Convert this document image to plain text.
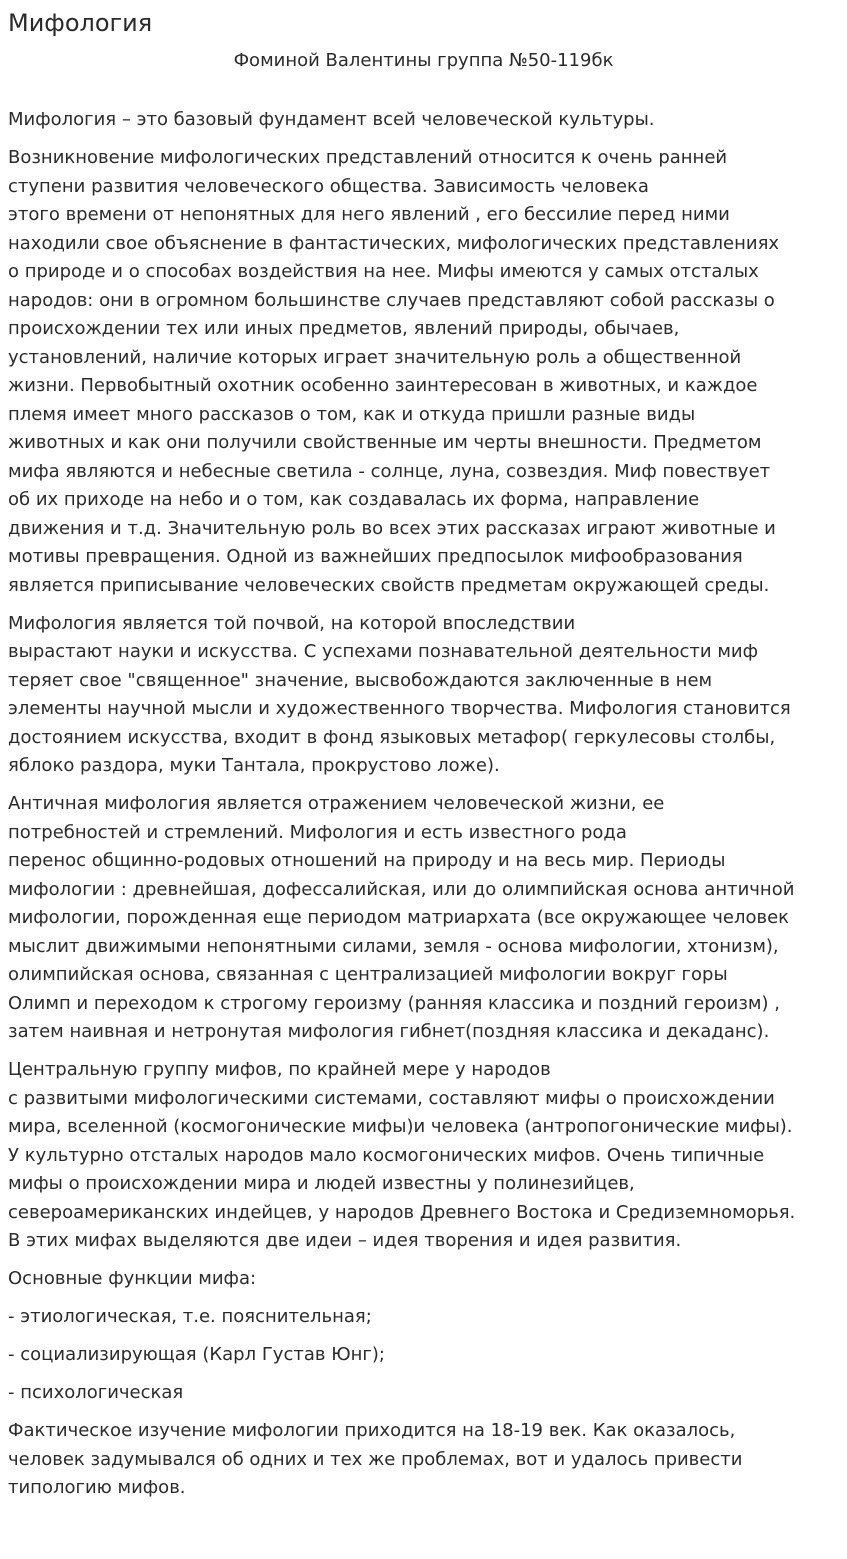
Мифология
Фоминой Валентины группа №50-119бк

Мифология – это базовый фундамент всей человеческой культуры.

Возникновение мифологических представлений относится к очень ранней
ступени развития человеческого общества. Зависимость человека
этого времени от непонятных для него явлений , его бессилие перед ними
находили свое объяснение в фантастических, мифологических представлениях
о природе и о способах воздействия на нее. Мифы имеются у самых отсталых
народов: они в огромном большинстве случаев представляют собой рассказы о
происхождении тех или иных предметов, явлений природы, обычаев,
установлений, наличие которых играет значительную роль а общественной
жизни. Первобытный охотник особенно заинтересован в животных, и каждое
племя имеет много рассказов о том, как и откуда пришли разные виды
животных и как они получили свойственные им черты внешности. Предметом
мифа являются и небесные светила - солнце, луна, созвездия. Миф повествует
об их приходе на небо и о том, как создавалась их форма, направление
движения и т.д. Значительную роль во всех этих рассказах играют животные и
мотивы превращения. Одной из важнейших предпосылок мифообразования
является приписывание человеческих свойств предметам окружающей среды.

Мифология является той почвой, на которой впоследствии
вырастают науки и искусства. С успехами познавательной деятельности миф
теряет свое "священное" значение, высвобождаются заключенные в нем
элементы научной мысли и художественного творчества. Мифология становится
достоянием искусства, входит в фонд языковых метафор( геркулесовы столбы,
яблоко раздора, муки Тантала, прокрустово ложе).

Античная мифология является отражением человеческой жизни, ее
потребностей и стремлений. Мифология и есть известного рода
перенос общинно-родовых отношений на природу и на весь мир. Периоды
мифологии : древнейшая, дофессалийская, или до олимпийская основа античной
мифологии, порожденная еще периодом матриархата (все окружающее человек
мыслит движимыми непонятными силами, земля - основа мифологии, хтонизм),
олимпийская основа, связанная с централизацией мифологии вокруг горы
Олимп и переходом к строгому героизму (ранняя классика и поздний героизм) ,
затем наивная и нетронутая мифология гибнет(поздняя классика и декаданс).

Центральную группу мифов, по крайней мере у народов
с развитыми мифологическими системами, составляют мифы о происхождении
мира, вселенной (космогонические мифы)и человека (антропогонические мифы).
У культурно отсталых народов мало космогонических мифов. Очень типичные
мифы о происхождении мира и людей известны у полинезийцев,
североамериканских индейцев, у народов Древнего Востока и Средиземноморья.
В этих мифах выделяются две идеи – идея творения и идея развития.

Основные функции мифа:

- этиологическая, т.е. пояснительная;

- социализирующая (Карл Густав Юнг);

- психологическая

Фактическое изучение мифологии приходится на 18-19 век. Как оказалось,
человек задумывался об одних и тех же проблемах, вот и удалось привести
типологию мифов.
